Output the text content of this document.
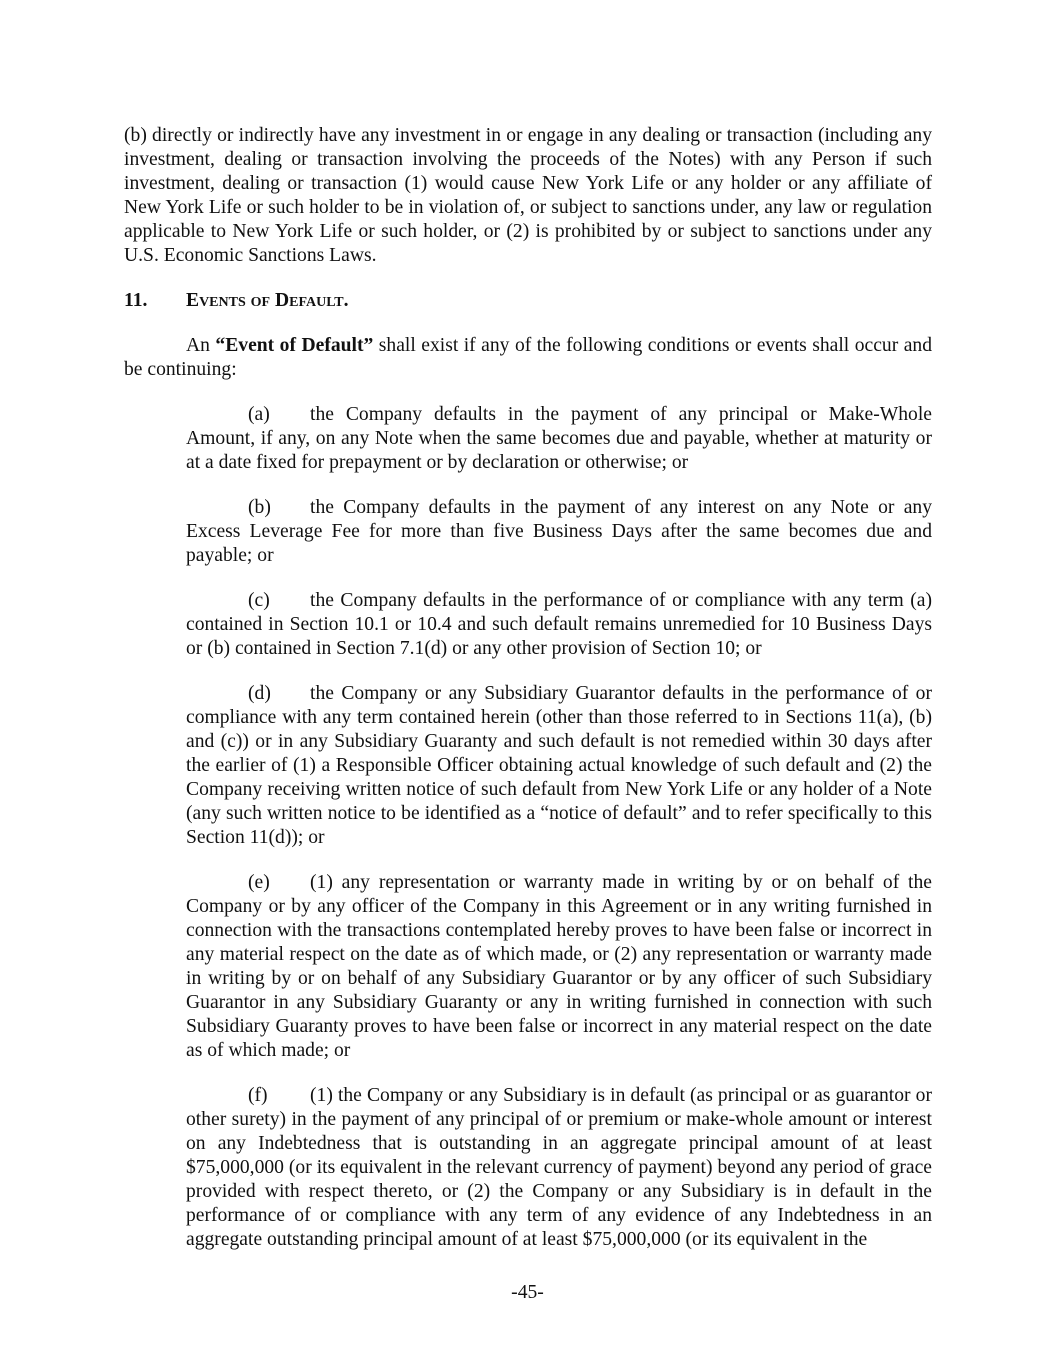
(b) directly or indirectly have any investment in or engage in any dealing or transaction (including any investment, dealing or transaction involving the proceeds of the Notes) with any Person if such investment, dealing or transaction (1) would cause New York Life or any holder or any affiliate of New York Life or such holder to be in violation of, or subject to sanctions under, any law or regulation applicable to New York Life or such holder, or (2) is prohibited by or subject to sanctions under any U.S. Economic Sanctions Laws.

11.	Events of Default.

An “Event of Default” shall exist if any of the following conditions or events shall occur and be continuing:

(a) the Company defaults in the payment of any principal or Make-Whole Amount, if any, on any Note when the same becomes due and payable, whether at maturity or at a date fixed for prepayment or by declaration or otherwise; or

(b) the Company defaults in the payment of any interest on any Note or any Excess Leverage Fee for more than five Business Days after the same becomes due and payable; or

(c) the Company defaults in the performance of or compliance with any term (a) contained in Section 10.1 or 10.4 and such default remains unremedied for 10 Business Days or (b) contained in Section 7.1(d) or any other provision of Section 10; or

(d) the Company or any Subsidiary Guarantor defaults in the performance of or compliance with any term contained herein (other than those referred to in Sections 11(a), (b) and (c)) or in any Subsidiary Guaranty and such default is not remedied within 30 days after the earlier of (1) a Responsible Officer obtaining actual knowledge of such default and (2) the Company receiving written notice of such default from New York Life or any holder of a Note (any such written notice to be identified as a “notice of default” and to refer specifically to this Section 11(d)); or

(e) (1) any representation or warranty made in writing by or on behalf of the Company or by any officer of the Company in this Agreement or in any writing furnished in connection with the transactions contemplated hereby proves to have been false or incorrect in any material respect on the date as of which made, or (2) any representation or warranty made in writing by or on behalf of any Subsidiary Guarantor or by any officer of such Subsidiary Guarantor in any Subsidiary Guaranty or any in writing furnished in connection with such Subsidiary Guaranty proves to have been false or incorrect in any material respect on the date as of which made; or

(f) (1) the Company or any Subsidiary is in default (as principal or as guarantor or other surety) in the payment of any principal of or premium or make-whole amount or interest on any Indebtedness that is outstanding in an aggregate principal amount of at least $75,000,000 (or its equivalent in the relevant currency of payment) beyond any period of grace provided with respect thereto, or (2) the Company or any Subsidiary is in default in the performance of or compliance with any term of any evidence of any Indebtedness in an aggregate outstanding principal amount of at least $75,000,000 (or its equivalent in the

-45-
